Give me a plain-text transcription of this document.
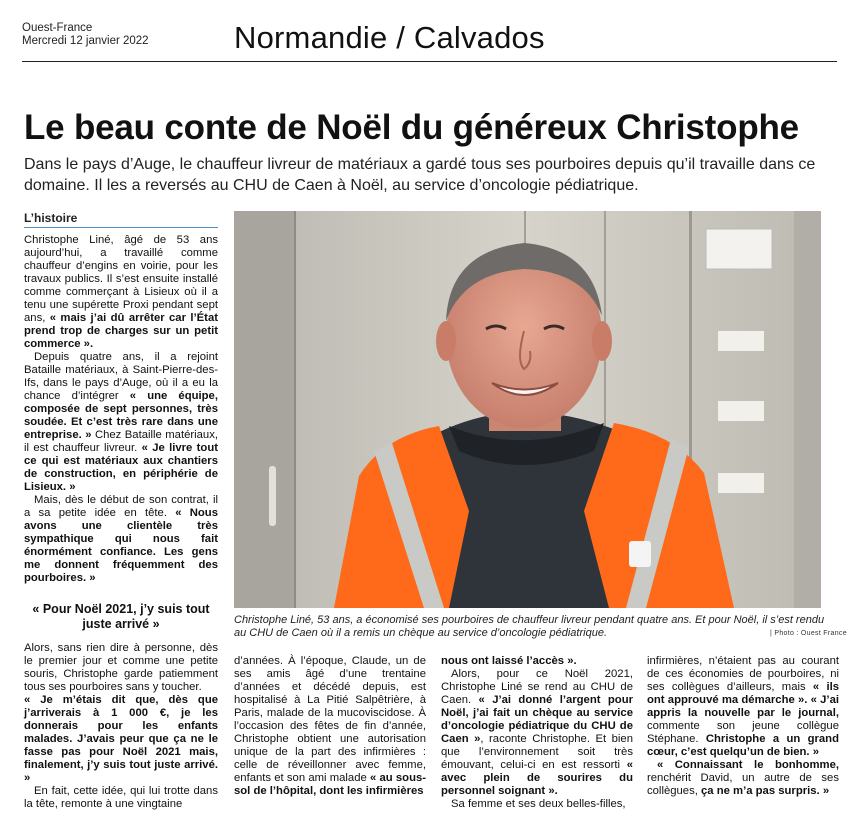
Ouest-France
Mercredi 12 janvier 2022	Normandie / Calvados
Le beau conte de Noël du généreux Christophe
Dans le pays d’Auge, le chauffeur livreur de matériaux a gardé tous ses pourboires depuis qu’il travaille dans ce domaine. Il les a reversés au CHU de Caen à Noël, au service d’oncologie pédiatrique.
L’histoire

Christophe Liné, âgé de 53 ans aujourd’hui, a travaillé comme chauffeur d’engins en voirie, pour les travaux publics. Il s’est ensuite installé comme commerçant à Lisieux où il a tenu une supérette Proxi pendant sept ans, « mais j’ai dû arrêter car l’État prend trop de charges sur un petit commerce ».

Depuis quatre ans, il a rejoint Bataille matériaux, à Saint-Pierre-des-Ifs, dans le pays d’Auge, où il a eu la chance d’intégrer « une équipe, composée de sept personnes, très soudée. Et c’est très rare dans une entreprise. » Chez Bataille matériaux, il est chauffeur livreur. « Je livre tout ce qui est matériaux aux chantiers de construction, en périphérie de Lisieux. »

Mais, dès le début de son contrat, il a sa petite idée en tête. « Nous avons une clientèle très sympathique qui nous fait énormément confiance. Les gens me donnent fréquemment des pourboires. »

« Pour Noël 2021, j’y suis tout juste arrivé »

Alors, sans rien dire à personne, dès le premier jour et comme une petite souris, Christophe garde patiemment tous ses pourboires sans y toucher.

« Je m’étais dit que, dès que j’arriverais à 1 000 €, je les donnerais pour les enfants malades. J’avais peur que ça ne le fasse pas pour Noël 2021 mais, finalement, j’y suis tout juste arrivé. »

En fait, cette idée, qui lui trotte dans la tête, remonte à une vingtaine

Christophe Liné, 53 ans, a économisé ses pourboires de chauffeur livreur pendant quatre ans. Et pour Noël, il s’est rendu au CHU de Caen où il a remis un chèque au service d’oncologie pédiatrique.	| Photo : Ouest France

d’années. À l’époque, Claude, un de ses amis âgé d’une trentaine d’années et décédé depuis, est hospitalisé à La Pitié Salpêtrière, à Paris, malade de la mucoviscidose. À l’occasion des fêtes de fin d’année, Christophe obtient une autorisation unique de la part des infirmières : celle de réveillonner avec femme, enfants et son ami malade « au sous-sol de l’hôpital, dont les infirmières

nous ont laissé l’accès ».

Alors, pour ce Noël 2021, Christophe Liné se rend au CHU de Caen. « J’ai donné l’argent pour Noël, j’ai fait un chèque au service d’oncologie pédiatrique du CHU de Caen », raconte Christophe. Et bien que l’environnement soit très émouvant, celui-ci en est ressorti « avec plein de sourires du personnel soignant ».

Sa femme et ses deux belles-filles,

infirmières, n’étaient pas au courant de ces économies de pourboires, ni ses collègues d’ailleurs, mais « ils ont approuvé ma démarche ». « J’ai appris la nouvelle par le journal, commente son jeune collègue Stéphane. Christophe a un grand cœur, c’est quelqu’un de bien. »

« Connaissant le bonhomme, renchérit David, un autre de ses collègues, ça ne m’a pas surpris. »
